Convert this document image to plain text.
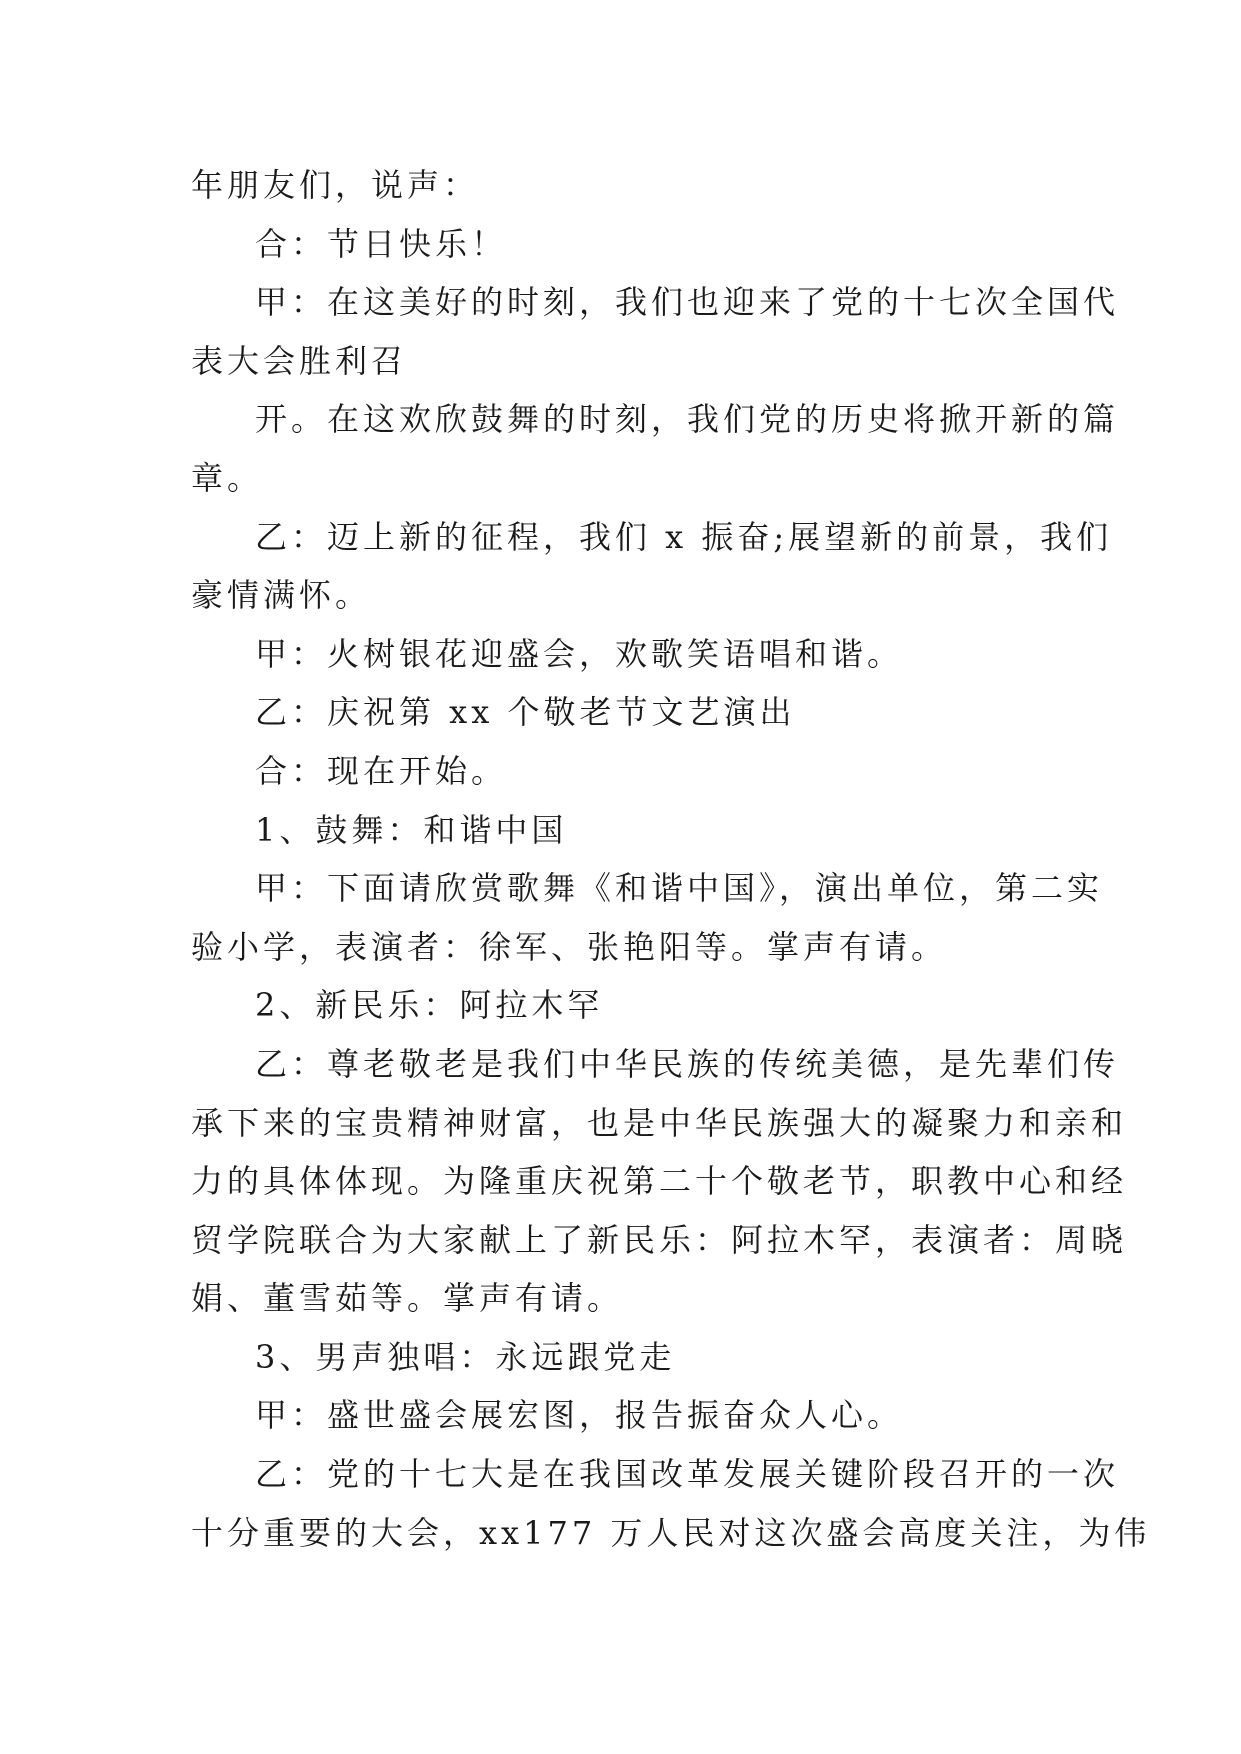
年朋友们，说声：
合：节日快乐！
甲：在这美好的时刻，我们也迎来了党的十七次全国代
表大会胜利召
开。在这欢欣鼓舞的时刻，我们党的历史将掀开新的篇
章。
乙：迈上新的征程，我们 x 振奋;展望新的前景，我们
豪情满怀。
甲：火树银花迎盛会，欢歌笑语唱和谐。
乙：庆祝第 xx 个敬老节文艺演出
合：现在开始。
1、鼓舞：和谐中国
甲：下面请欣赏歌舞《和谐中国》，演出单位，第二实
验小学，表演者：徐军、张艳阳等。掌声有请。
2、新民乐：阿拉木罕
乙：尊老敬老是我们中华民族的传统美德，是先辈们传
承下来的宝贵精神财富，也是中华民族强大的凝聚力和亲和
力的具体体现。为隆重庆祝第二十个敬老节，职教中心和经
贸学院联合为大家献上了新民乐：阿拉木罕，表演者：周晓
娟、董雪茹等。掌声有请。
3、男声独唱：永远跟党走
甲：盛世盛会展宏图，报告振奋众人心。
乙：党的十七大是在我国改革发展关键阶段召开的一次
十分重要的大会，xx177 万人民对这次盛会高度关注，为伟
